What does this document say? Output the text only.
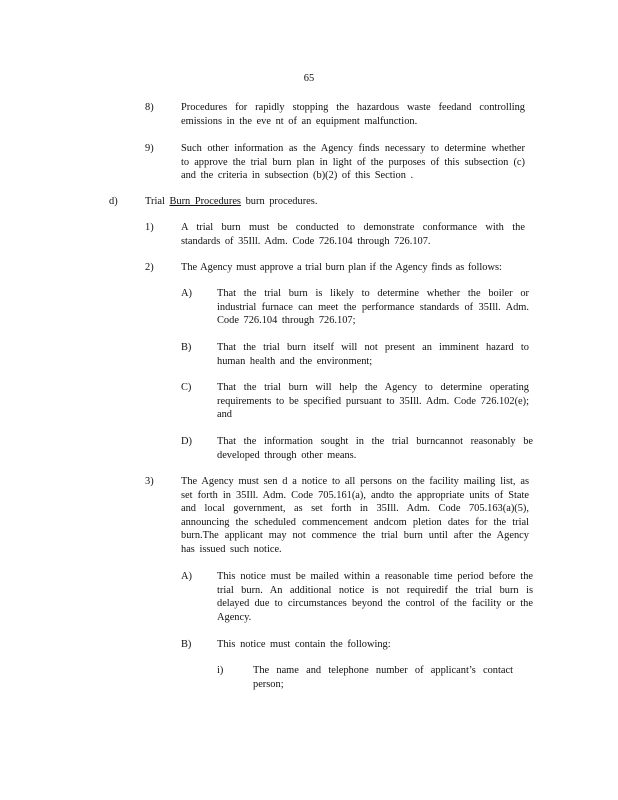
65
8)	Procedures for rapidly stopping the hazardous waste feedand controlling emissions in the eve nt of an equipment malfunction.
9)	Such other information as the Agency finds necessary to determine whether to approve the trial burn plan in light of the purposes of this subsection (c) and the criteria in subsection (b)(2) of this Section .
d)	Trial Burn Procedures burn procedures.
1)	A trial burn must be conducted to demonstrate conformance with the standards of 35Ill. Adm. Code 726.104 through 726.107.
2)	The Agency must approve a trial burn plan if the Agency finds as follows:
A) That the trial burn is likely to determine whether the boiler or industrial furnace can meet the performance standards of 35Ill. Adm. Code 726.104 through 726.107;
B) That the trial burn itself will not present an imminent hazard to human health and the environment;
C) That the trial burn will help the Agency to determine operating requirements to be specified pursuant to 35Ill. Adm. Code 726.102(e); and
D) That the information sought in the trial burncannot reasonably be developed through other means.
3)	The Agency must sen d a notice to all persons on the facility mailing list, as set forth in 35Ill. Adm. Code 705.161(a), andto the appropriate units of State and local government, as set forth in 35Ill. Adm. Code 705.163(a)(5), announcing the scheduled commencement andcom pletion dates for the trial burn.The applicant may not commence the trial burn until after the Agency has issued such notice.
A) This notice must be mailed within a reasonable time period before the trial burn. An additional notice is not requiredif the trial burn is delayed due to circumstances beyond the control of the facility or the Agency.
B) This notice must contain the following:
i)	The name and telephone number of applicant’s contact person;
